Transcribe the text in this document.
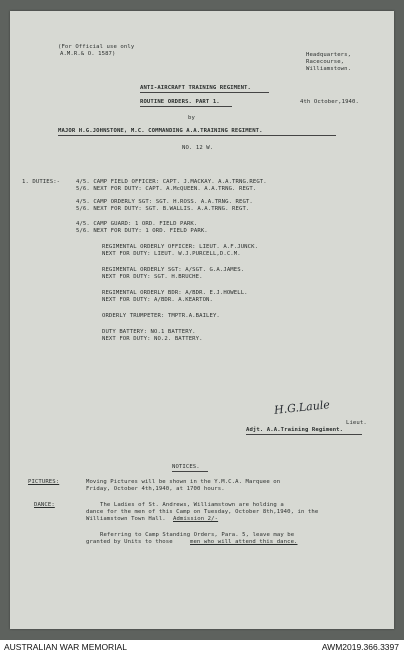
(For Official use only
A.M.R.& O. 1587)	Headquarters,
Racecourse,
Williamstown.
ANTI-AIRCRAFT TRAINING REGIMENT.
ROUTINE ORDERS. PART 1.	4th October,1940.
by
MAJOR H.G.JOHNSTONE, M.C. COMMANDING A.A.TRAINING REGIMENT.
NO. 12 W.
1. DUTIES:-	4/5. CAMP FIELD OFFICER: CAPT. J.MACKAY. A.A.TRNG.REGT.
5/6. NEXT FOR DUTY: CAPT. A.McQUEEN. A.A.TRNG. REGT.
4/5. CAMP ORDERLY SGT: SGT. H.ROSS. A.A.TRNG. REGT.
5/6. NEXT FOR DUTY: SGT. B.WALLIS. A.A.TRNG. REGT.
4/5. CAMP GUARD: 1 ORD. FIELD PARK.
5/6. NEXT FOR DUTY: 1 ORD. FIELD PARK.
REGIMENTAL ORDERLY OFFICER: LIEUT. A.F.JUNCK.
NEXT FOR DUTY: LIEUT. W.J.PURCELL,D.C.M.
REGIMENTAL ORDERLY SGT: A/SGT. G.A.JAMES.
NEXT FOR DUTY: SGT. H.BRUCHE.
REGIMENTAL ORDERLY BDR: A/BDR. E.J.HOWELL.
NEXT FOR DUTY: A/BDR. A.KEARTON.
ORDERLY TRUMPETER: TMPTR.A.BAILEY.
DUTY BATTERY: NO.1 BATTERY.
NEXT FOR DUTY: NO.2. BATTERY.
H.G.Laule
Lieut.
Adjt. A.A.Training Regiment.
NOTICES.
PICTURES:	Moving Pictures will be shown in the Y.M.C.A. Marquee on
Friday, October 4th,1940, at 1700 hours.
DANCE:	The Ladies of St. Andrews, Williamstown are holding a
dance for the men of this Camp on Tuesday, October 8th,1940, in the
Williamstown Town Hall. Admission 2/-
Referring to Camp Standing Orders, Para. 5, leave may be
granted by Units to those	men who will attend this dance.
AUSTRALIAN WAR MEMORIAL	AWM2019.366.3397
